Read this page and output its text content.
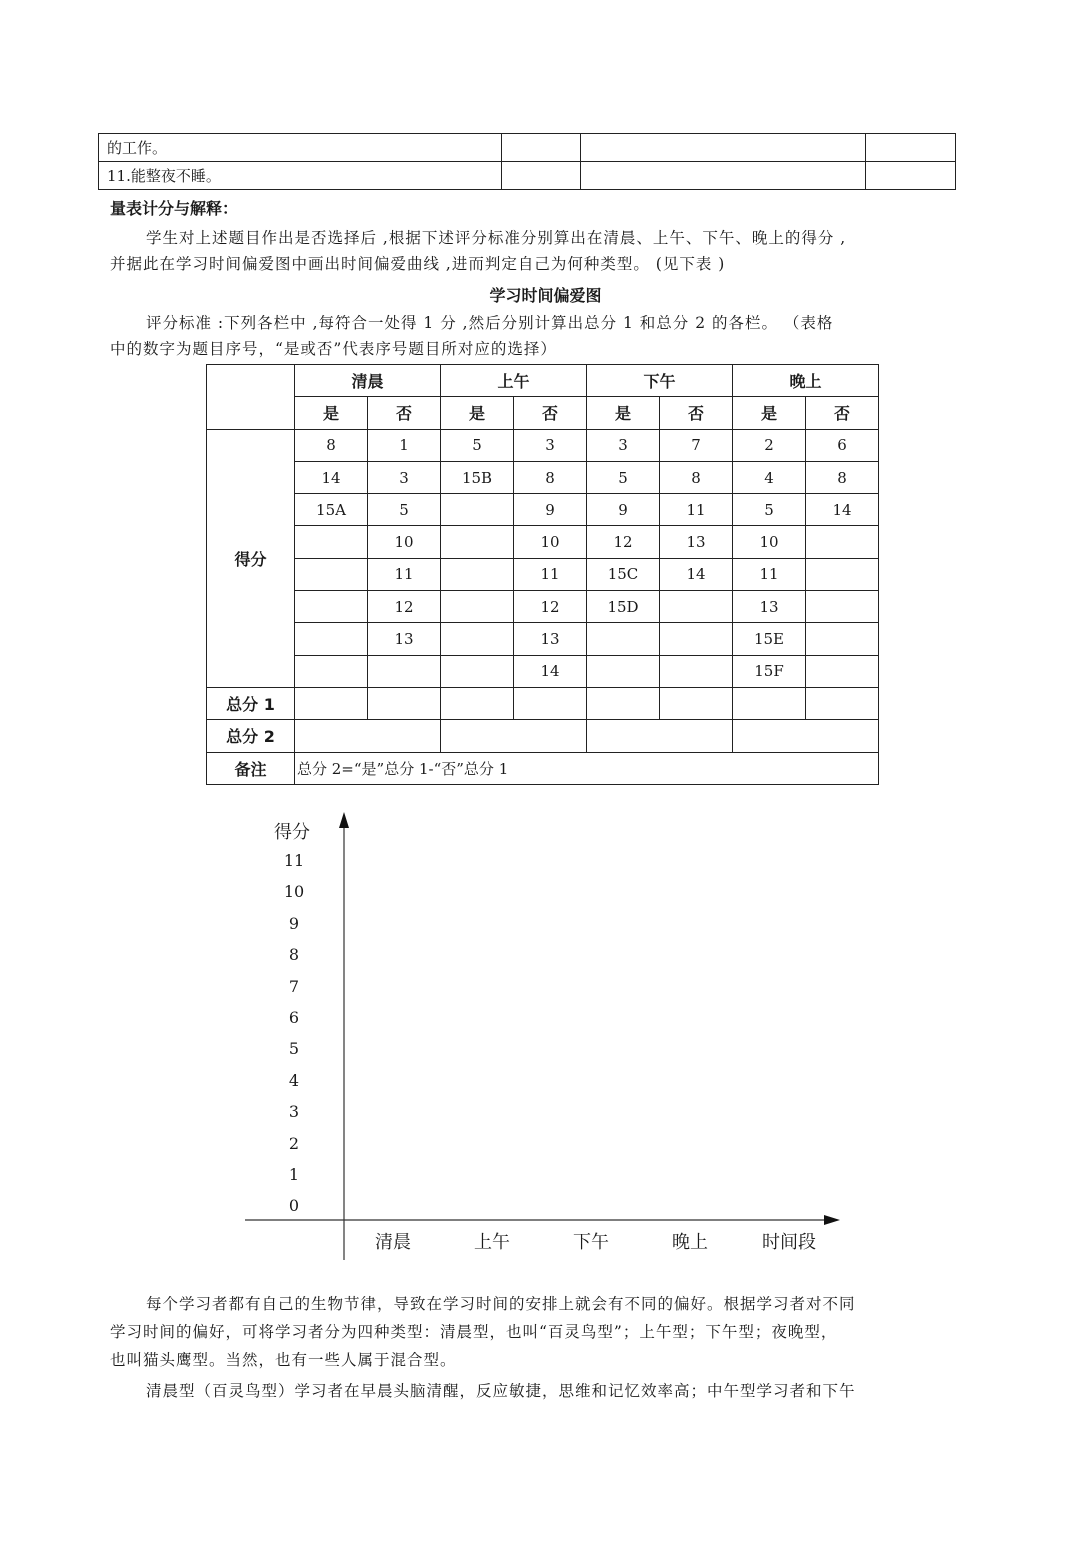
的工作。			
11.能整夜不睡。			
量表计分与解释：
学生对上述题目作出是否选择后 ,根据下述评分标准分别算出在清晨、上午、下午、晚上的得分 ,
并据此在学习时间偏爱图中画出时间偏爱曲线 ,进而判定自己为何种类型。 (见下表 )
学习时间偏爱图
评分标准 :下列各栏中 ,每符合一处得 1 分 ,然后分别计算出总分 1 和总分 2 的各栏。 （表格
中的数字为题目序号，“是或否”代表序号题目所对应的选择）
	清晨		上午		下午		晚上	
	是	否	是	否	是	否	是	否
得分	8	1	5	3	3	7	2	6
	14	3	15B	8	5	8	4	8
	15A	5		9	9	11	5	14
		10		10	12	13	10	
		11		11	15C	14	11	
		12		12	15D		13	
		13		13			15E	
				14			15F	
总分 1								
总分 2								
备注	总分 2=“是”总分 1-“否”总分 1							
得分
11
10
9
8
7
6
5
4
3
2
1
0
清晨	上午	下午	晚上	时间段
每个学习者都有自己的生物节律，导致在学习时间的安排上就会有不同的偏好。根据学习者对不同
学习时间的偏好，可将学习者分为四种类型：清晨型，也叫“百灵鸟型”；上午型；下午型；夜晚型，
也叫猫头鹰型。当然，也有一些人属于混合型。
清晨型（百灵鸟型）学习者在早晨头脑清醒，反应敏捷，思维和记忆效率高；中午型学习者和下午
